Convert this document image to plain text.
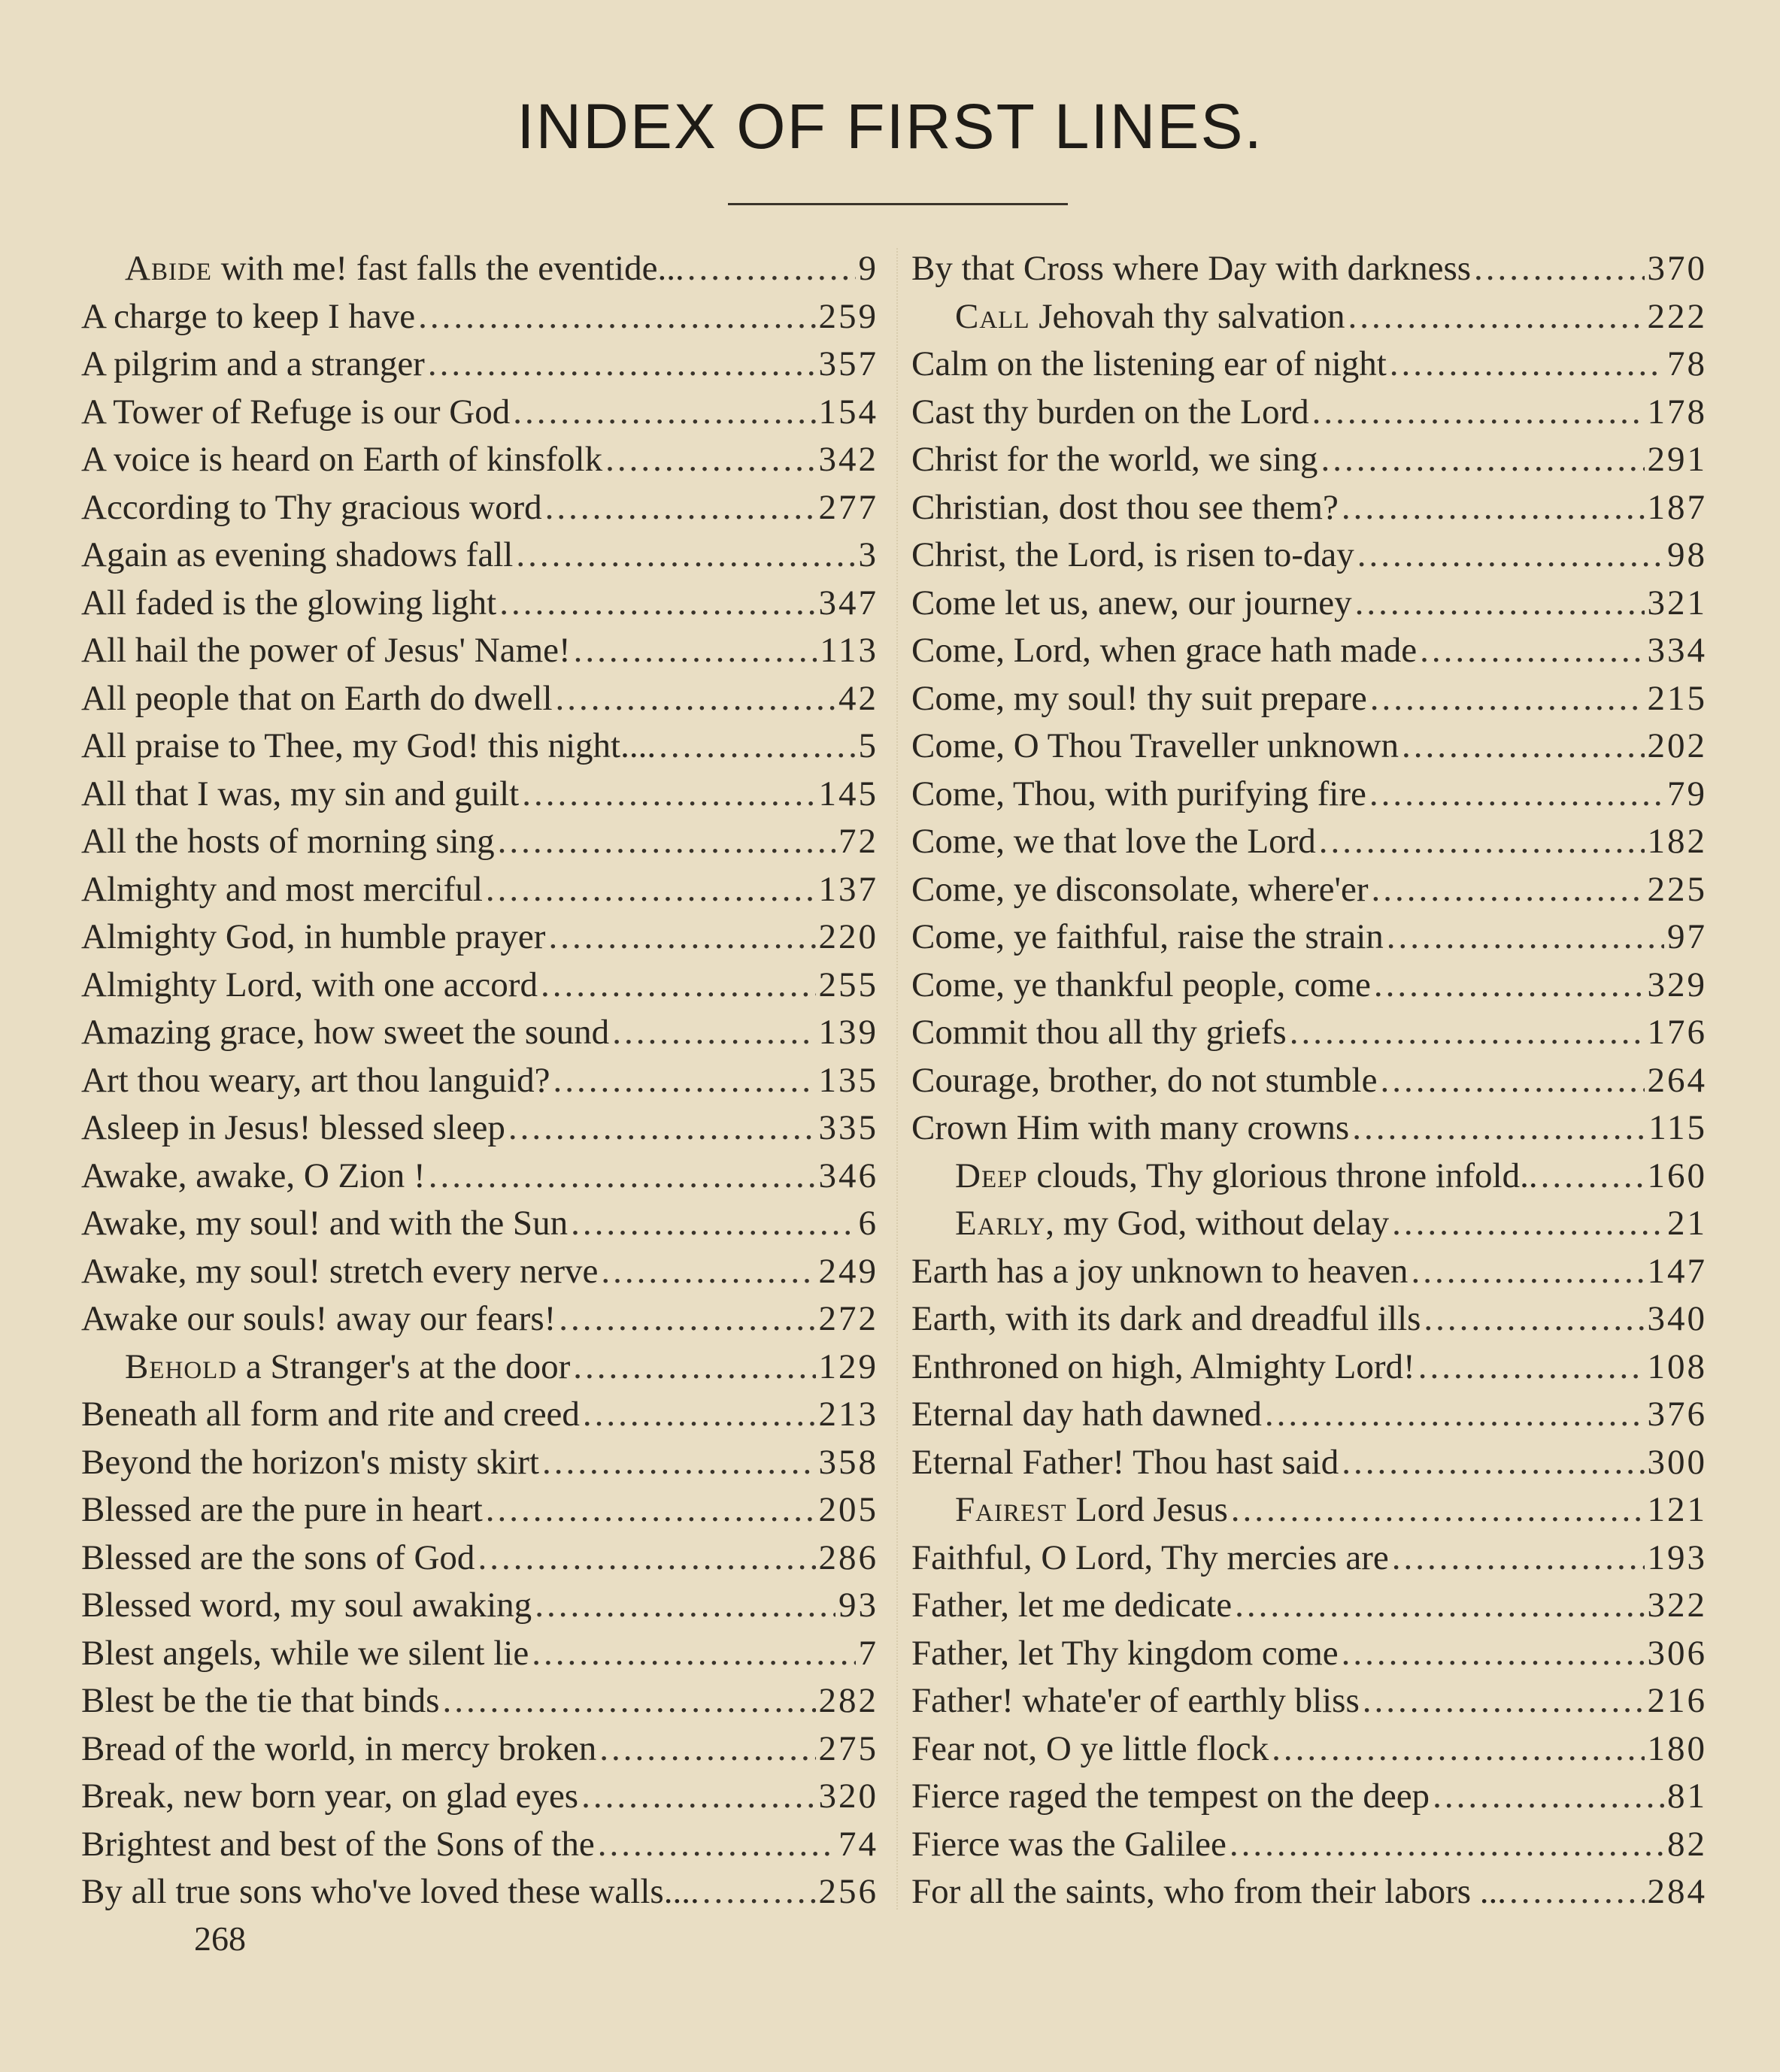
INDEX OF FIRST LINES.
Abide with me! fast falls the eventide... .....	9
A charge to keep I have .....	259
A pilgrim and a stranger .....	357
A Tower of Refuge is our God .....	154
A voice is heard on Earth of kinsfolk .....	342
According to Thy gracious word .....	277
Again as evening shadows fall .....	3
All faded is the glowing light .....	347
All hail the power of Jesus' Name! .....	113
All people that on Earth do dwell .....	42
All praise to Thee, my God! this night.... .....	5
All that I was, my sin and guilt .....	145
All the hosts of morning sing .....	72
Almighty and most merciful .....	137
Almighty God, in humble prayer .....	220
Almighty Lord, with one accord .....	255
Amazing grace, how sweet the sound .....	139
Art thou weary, art thou languid? .....	135
Asleep in Jesus! blessed sleep .....	335
Awake, awake, O Zion ! .....	346
Awake, my soul! and with the Sun .....	6
Awake, my soul! stretch every nerve .....	249
Awake our souls! away our fears! .....	272
Behold a Stranger's at the door .....	129
Beneath all form and rite and creed .....	213
Beyond the horizon's misty skirt .....	358
Blessed are the pure in heart .....	205
Blessed are the sons of God .....	286
Blessed word, my soul awaking .....	93
Blest angels, while we silent lie .....	7
Blest be the tie that binds .....	282
Bread of the world, in mercy broken .....	275
Break, new born year, on glad eyes .....	320
Brightest and best of the Sons of the .....	74
By all true sons who've loved these walls.... .....	256
By that Cross where Day with darkness .....	370
Call Jehovah thy salvation .....	222
Calm on the listening ear of night .....	78
Cast thy burden on the Lord .....	178
Christ for the world, we sing .....	291
Christian, dost thou see them? .....	187
Christ, the Lord, is risen to-day .....	98
Come let us, anew, our journey .....	321
Come, Lord, when grace hath made .....	334
Come, my soul! thy suit prepare .....	215
Come, O Thou Traveller unknown .....	202
Come, Thou, with purifying fire .....	79
Come, we that love the Lord .....	182
Come, ye disconsolate, where'er .....	225
Come, ye faithful, raise the strain .....	97
Come, ye thankful people, come .....	329
Commit thou all thy griefs .....	176
Courage, brother, do not stumble .....	264
Crown Him with many crowns .....	115
Deep clouds, Thy glorious throne infold.. .....	160
Early, my God, without delay .....	21
Earth has a joy unknown to heaven .....	147
Earth, with its dark and dreadful ills .....	340
Enthroned on high, Almighty Lord! .....	108
Eternal day hath dawned .....	376
Eternal Father! Thou hast said .....	300
Fairest Lord Jesus .....	121
Faithful, O Lord, Thy mercies are .....	193
Father, let me dedicate .....	322
Father, let Thy kingdom come .....	306
Father! whate'er of earthly bliss .....	216
Fear not, O ye little flock .....	180
Fierce raged the tempest on the deep .....	81
Fierce was the Galilee .....	82
For all the saints, who from their labors ... .....	284
268
